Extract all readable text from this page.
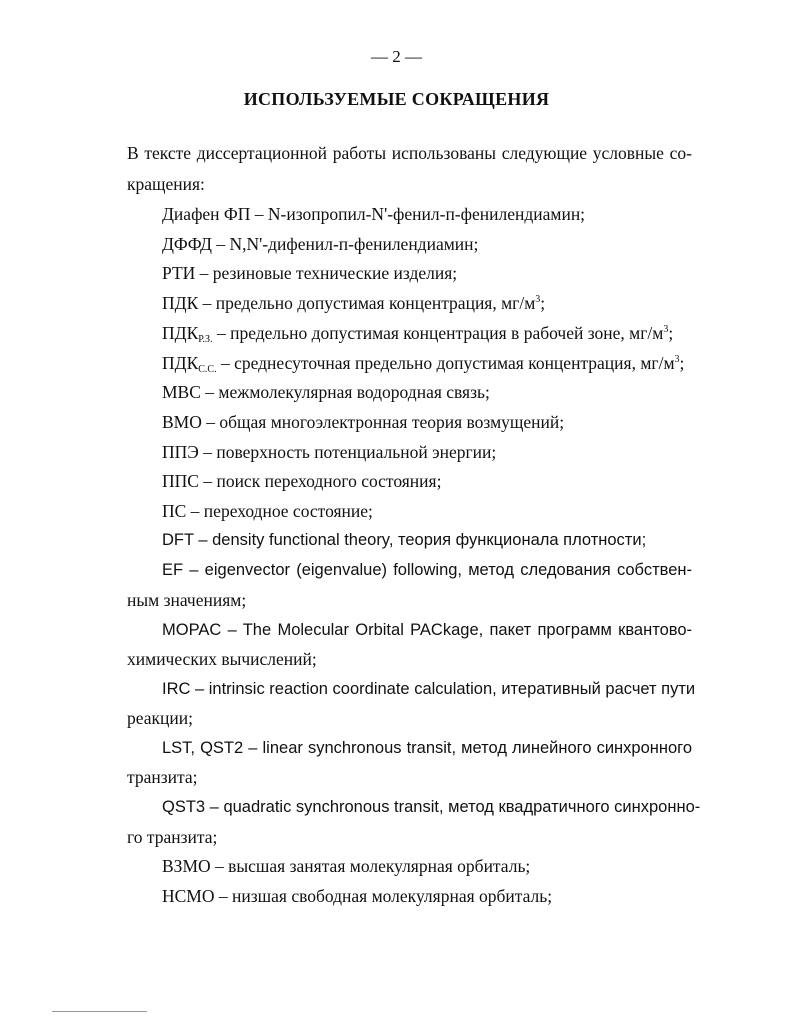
— 2 —
ИСПОЛЬЗУЕМЫЕ СОКРАЩЕНИЯ
В тексте диссертационной работы использованы следующие условные со-
кращения:
Диафен ФП – N-изопропил-N'-фенил-п-фенилендиамин;
ДФФД – N,N'-дифенил-п-фенилендиамин;
РТИ – резиновые технические изделия;
ПДК – предельно допустимая концентрация, $мг/м^3$;
ПДКР.З. – предельно допустимая концентрация в рабочей зоне, $мг/м^3$;
ПДКС.С. – среднесуточная предельно допустимая концентрация, $мг/м^3$;
МВС – межмолекулярная водородная связь;
ВМО – общая многоэлектронная теория возмущений;
ППЭ – поверхность потенциальной энергии;
ППС – поиск переходного состояния;
ПС – переходное состояние;
DFT – density functional theory, теория функционала плотности;
EF – eigenvector (eigenvalue) following, метод следования собствен-
ным значениям;
MOPAC – The Molecular Orbital PACkage, пакет программ квантово-
химических вычислений;
IRC – intrinsic reaction coordinate calculation, итеративный расчет пути
реакции;
LST, QST2 – linear synchronous transit, метод линейного синхронного
транзита;
QST3 – quadratic synchronous transit, метод квадратичного синхронно-
го транзита;
ВЗМО – высшая занятая молекулярная орбиталь;
НСМО – низшая свободная молекулярная орбиталь;
